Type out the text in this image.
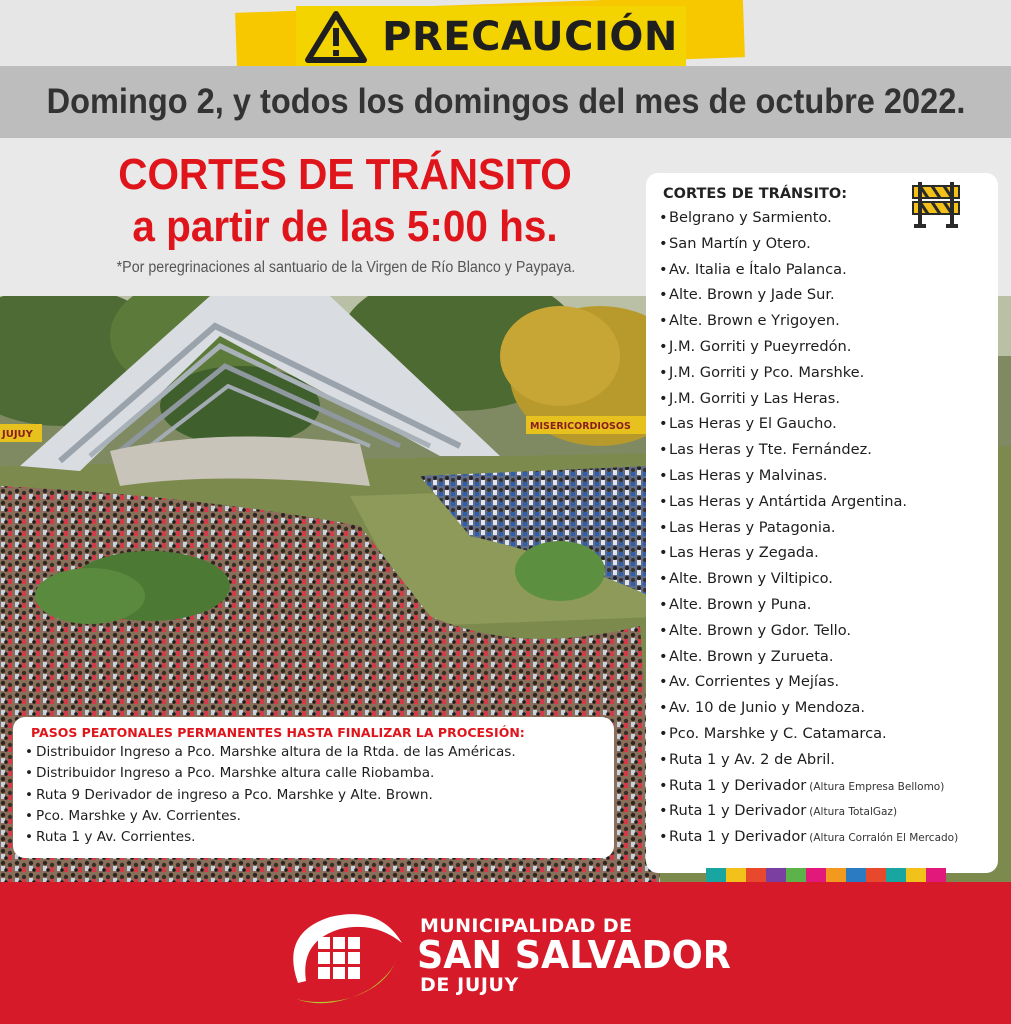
PRECAUCIÓN
Domingo 2, y todos los domingos del mes de octubre 2022.
CORTES DE TRÁNSITO
a partir de las 5:00 hs.
*Por peregrinaciones al santuario de la Virgen de Río Blanco y Paypaya.
JUJUY
MISERICORDIOSOS
CORTES DE TRÁNSITO:
•Belgrano y Sarmiento.
•San Martín y Otero.
•Av. Italia e Ítalo Palanca.
•Alte. Brown y Jade Sur.
•Alte. Brown e Yrigoyen.
•J.M. Gorriti y Pueyrredón.
•J.M. Gorriti y Pco. Marshke.
•J.M. Gorriti y Las Heras.
•Las Heras y El Gaucho.
•Las Heras y Tte. Fernández.
•Las Heras y Malvinas.
•Las Heras y Antártida Argentina.
•Las Heras y Patagonia.
•Las Heras y Zegada.
•Alte. Brown y Viltipico.
•Alte. Brown y Puna.
•Alte. Brown y Gdor. Tello.
•Alte. Brown y Zurueta.
•Av. Corrientes y Mejías.
•Av. 10 de Junio y Mendoza.
•Pco. Marshke y C. Catamarca.
•Ruta 1 y Av. 2 de Abril.
•Ruta 1 y Derivador (Altura Empresa Bellomo)
•Ruta 1 y Derivador (Altura TotalGaz)
•Ruta 1 y Derivador (Altura Corralón El Mercado)
PASOS PEATONALES PERMANENTES HASTA FINALIZAR LA PROCESIÓN:
• Distribuidor Ingreso a Pco. Marshke altura de la Rtda. de las Américas.
• Distribuidor Ingreso a Pco. Marshke altura calle Riobamba.
• Ruta 9 Derivador de ingreso a Pco. Marshke y Alte. Brown.
• Pco. Marshke y Av. Corrientes.
• Ruta 1 y Av. Corrientes.
MUNICIPALIDAD DE
SAN SALVADOR
DE JUJUY
